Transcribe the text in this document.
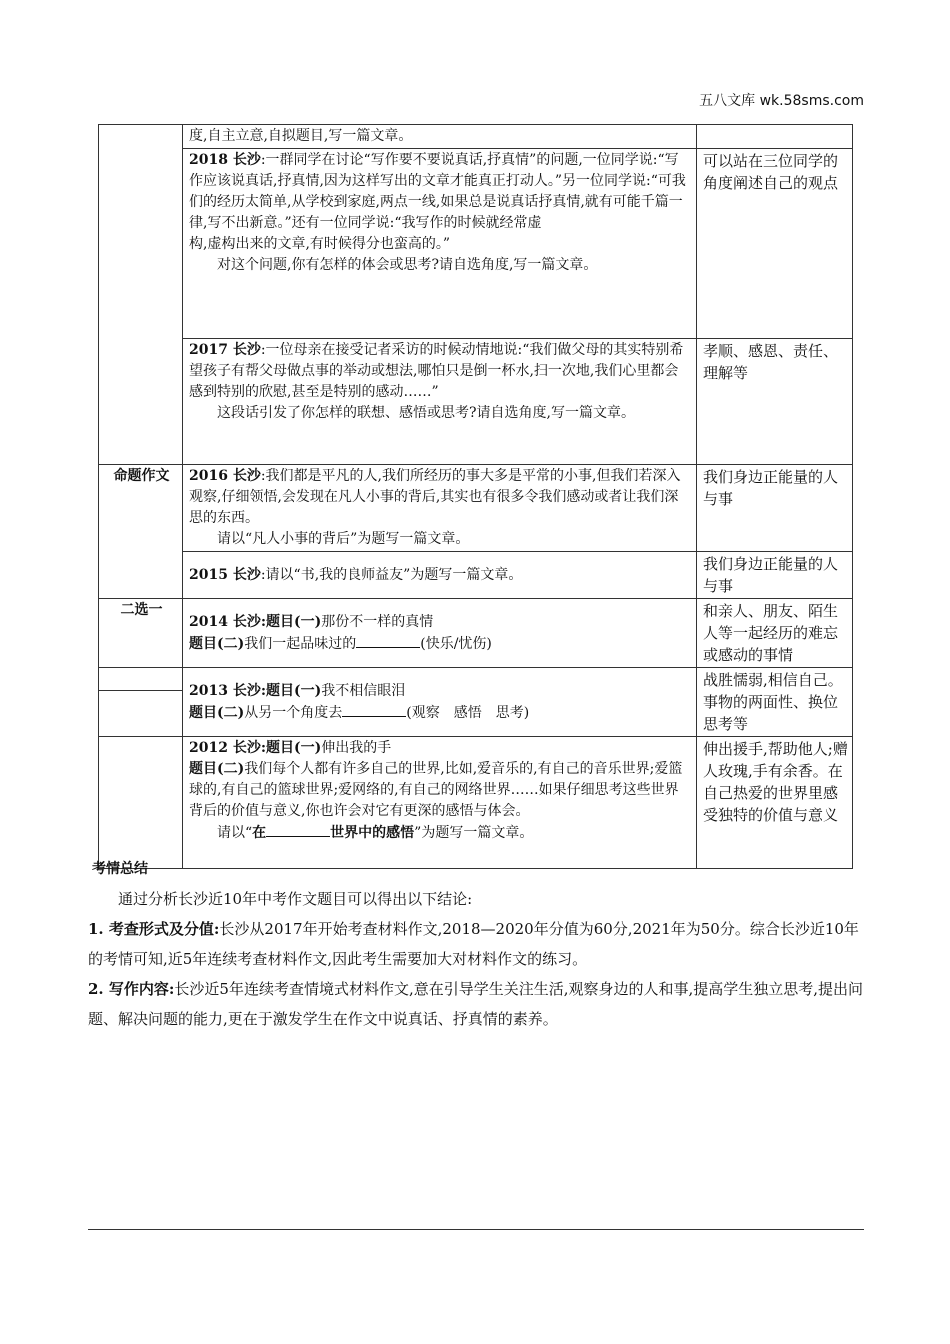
五八文库 wk.58sms.com

	度,自主立意,自拟题目,写一篇文章。	

	2018 长沙:一群同学在讨论“写作要不要说真话,抒真情”的问题,一位同学说:“写作应该说真话,抒真情,因为这样写出的文章才能真正打动人。”另一位同学说:“可我们的经历太简单,从学校到家庭,两点一线,如果总是说真话抒真情,就有可能千篇一律,写不出新意。”还有一位同学说:“我写作的时候就经常虚

构,虚构出来的文章,有时候得分也蛮高的。”

对这个问题,你有怎样的体会或思考?请自选角度,写一篇文章。	可以站在三位同学的角度阐述自己的观点

	2017 长沙:一位母亲在接受记者采访的时候动情地说:“我们做父母的其实特别希望孩子有帮父母做点事的举动或想法,哪怕只是倒一杯水,扫一次地,我们心里都会感到特别的欣慰,甚至是特别的感动……”

这段话引发了你怎样的联想、感悟或思考?请自选角度,写一篇文章。	孝顺、感恩、责任、理解等
命题作文	2016 长沙:我们都是平凡的人,我们所经历的事大多是平常的小事,但我们若深入观察,仔细领悟,会发现在凡人小事的背后,其实也有很多令我们感动或者让我们深思的东西。

请以“凡人小事的背后”为题写一篇文章。	我们身边正能量的人与事

	2015 长沙:请以“书,我的良师益友”为题写一篇文章。	我们身边正能量的人与事
二选一	2014 长沙:题目(一)那份不一样的真情

题目(二)我们一起品味过的 (快乐/忧伤)	和亲人、朋友、陌生人等一起经历的难忘或感动的事情

	2013 长沙:题目(一)我不相信眼泪

题目(二)从另一个角度去 (观察　感悟　思考)	战胜懦弱,相信自己。事物的两面性、换位思考等

	2012 长沙:题目(一)伸出我的手

题目(二)我们每个人都有许多自己的世界,比如,爱音乐的,有自己的音乐世界;爱篮球的,有自己的篮球世界;爱网络的,有自己的网络世界……如果仔细思考这些世界背后的价值与意义,你也许会对它有更深的感悟与体会。

请以“在 世界中的感悟”为题写一篇文章。	伸出援手,帮助他人;赠人玫瑰,手有余香。在自己热爱的世界里感受独特的价值与意义
考情总结

通过分析长沙近10年中考作文题目可以得出以下结论:

1. 考查形式及分值:长沙从2017年开始考查材料作文,2018—2020年分值为60分,2021年为50分。综合长沙近10年的考情可知,近5年连续考查材料作文,因此考生需要加大对材料作文的练习。

2. 写作内容:长沙近5年连续考查情境式材料作文,意在引导学生关注生活,观察身边的人和事,提高学生独立思考,提出问题、解决问题的能力,更在于激发学生在作文中说真话、抒真情的素养。
